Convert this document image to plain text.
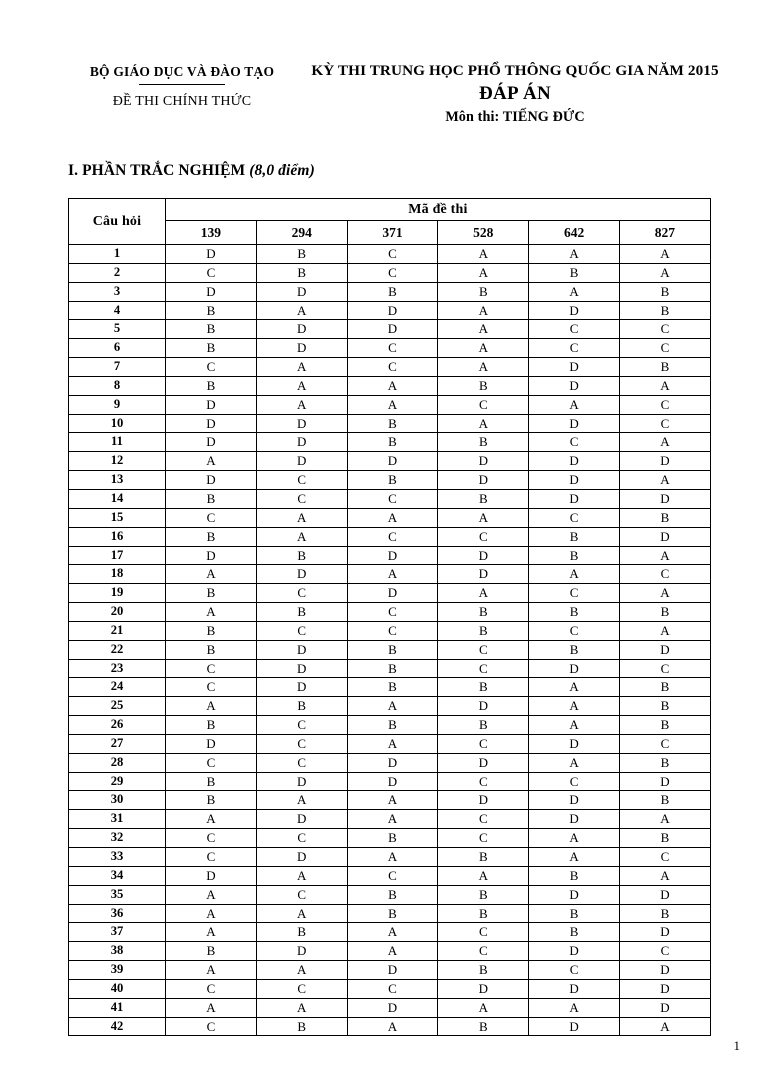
BỘ GIÁO DỤC VÀ ĐÀO TẠO
ĐỀ THI CHÍNH THỨC
KỲ THI TRUNG HỌC PHỔ THÔNG QUỐC GIA NĂM 2015
ĐÁP ÁN
Môn thi: TIẾNG ĐỨC
I. PHẦN TRẮC NGHIỆM (8,0 điểm)
Câu hỏi	Mã đề thi					
	139	294	371	528	642	827
1	D	B	C	A	A	A
2	C	B	C	A	B	A
3	D	D	B	B	A	B
4	B	A	D	A	D	B
5	B	D	D	A	C	C
6	B	D	C	A	C	C
7	C	A	C	A	D	B
8	B	A	A	B	D	A
9	D	A	A	C	A	C
10	D	D	B	A	D	C
11	D	D	B	B	C	A
12	A	D	D	D	D	D
13	D	C	B	D	D	A
14	B	C	C	B	D	D
15	C	A	A	A	C	B
16	B	A	C	C	B	D
17	D	B	D	D	B	A
18	A	D	A	D	A	C
19	B	C	D	A	C	A
20	A	B	C	B	B	B
21	B	C	C	B	C	A
22	B	D	B	C	B	D
23	C	D	B	C	D	C
24	C	D	B	B	A	B
25	A	B	A	D	A	B
26	B	C	B	B	A	B
27	D	C	A	C	D	C
28	C	C	D	D	A	B
29	B	D	D	C	C	D
30	B	A	A	D	D	B
31	A	D	A	C	D	A
32	C	C	B	C	A	B
33	C	D	A	B	A	C
34	D	A	C	A	B	A
35	A	C	B	B	D	D
36	A	A	B	B	B	B
37	A	B	A	C	B	D
38	B	D	A	C	D	C
39	A	A	D	B	C	D
40	C	C	C	D	D	D
41	A	A	D	A	A	D
42	C	B	A	B	D	A
1
